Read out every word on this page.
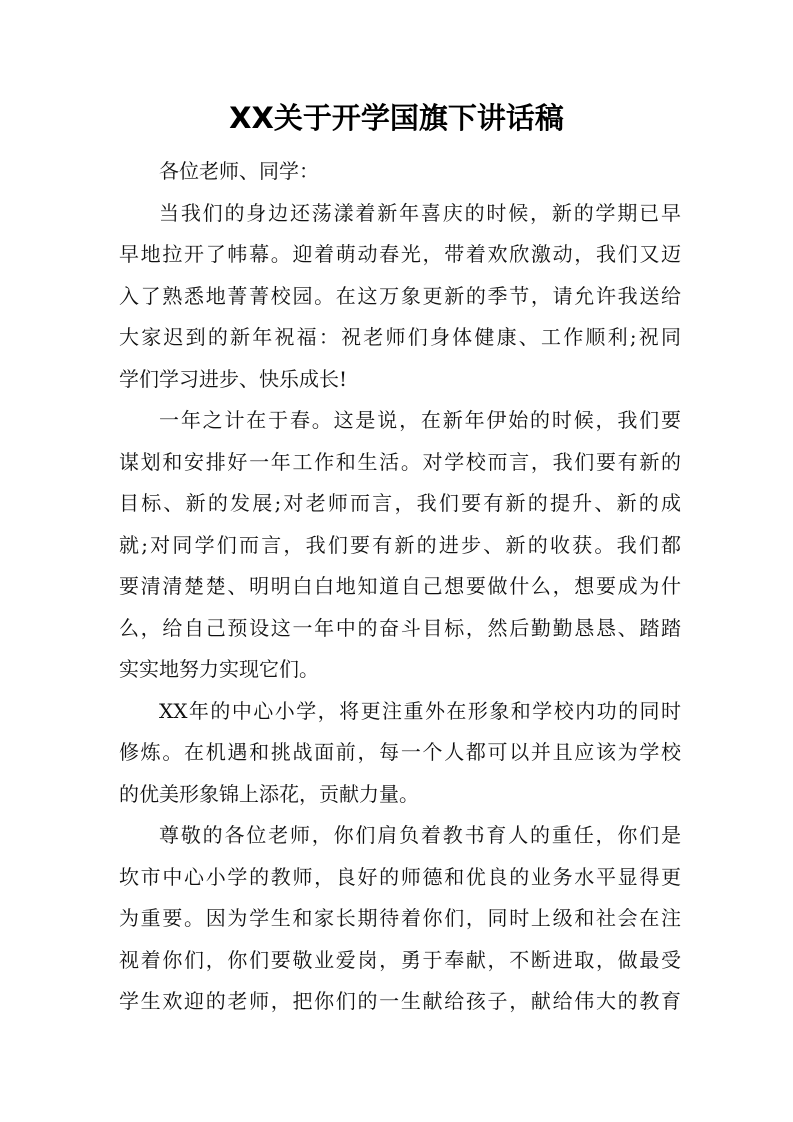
XX关于开学国旗下讲话稿
各位老师、同学：
当我们的身边还荡漾着新年喜庆的时候，新的学期已早
早地拉开了帏幕。迎着萌动春光，带着欢欣激动，我们又迈
入了熟悉地菁菁校园。在这万象更新的季节，请允许我送给
大家迟到的新年祝福：祝老师们身体健康、工作顺利;祝同
学们学习进步、快乐成长!
一年之计在于春。这是说，在新年伊始的时候，我们要
谋划和安排好一年工作和生活。对学校而言，我们要有新的
目标、新的发展;对老师而言，我们要有新的提升、新的成
就;对同学们而言，我们要有新的进步、新的收获。我们都
要清清楚楚、明明白白地知道自己想要做什么，想要成为什
么，给自己预设这一年中的奋斗目标，然后勤勤恳恳、踏踏
实实地努力实现它们。
XX年的中心小学，将更注重外在形象和学校内功的同时
修炼。在机遇和挑战面前，每一个人都可以并且应该为学校
的优美形象锦上添花，贡献力量。
尊敬的各位老师，你们肩负着教书育人的重任，你们是
坎市中心小学的教师，良好的师德和优良的业务水平显得更
为重要。因为学生和家长期待着你们，同时上级和社会在注
视着你们，你们要敬业爱岗，勇于奉献，不断进取，做最受
学生欢迎的老师，把你们的一生献给孩子，献给伟大的教育
